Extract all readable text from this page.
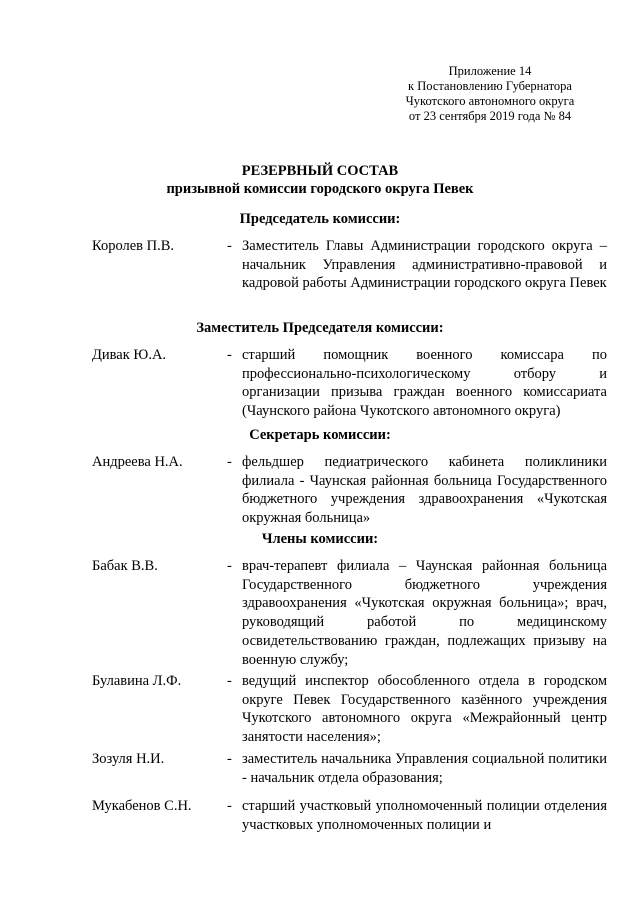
Приложение 14
к Постановлению Губернатора
Чукотского автономного округа
от 23 сентября 2019 года № 84
РЕЗЕРВНЫЙ СОСТАВ
призывной комиссии городского округа Певек
Председатель комиссии:
Королев П.В.	- Заместитель Главы Администрации городского округа – начальник Управления административно-правовой и кадровой работы Администрации городского округа Певек
Заместитель Председателя комиссии:
Дивак Ю.А.	- старший помощник военного комиссара по профессионально-психологическому отбору и организации призыва граждан военного комиссариата (Чаунского района Чукотского автономного округа)
Секретарь комиссии:
Андреева Н.А.	- фельдшер педиатрического кабинета поликлиники филиала - Чаунская районная больница Государственного бюджетного учреждения здравоохранения «Чукотская окружная больница»
Члены комиссии:
Бабак В.В.	- врач-терапевт филиала – Чаунская районная больница Государственного бюджетного учреждения здравоохранения «Чукотская окружная больница»; врач, руководящий работой по медицинскому освидетельствованию граждан, подлежащих призыву на военную службу;
Булавина Л.Ф.	- ведущий инспектор обособленного отдела в городском округе Певек Государственного казённого учреждения Чукотского автономного округа «Межрайонный центр занятости населения»;
Зозуля Н.И.	- заместитель начальника Управления социальной политики - начальник отдела образования;
Мукабенов С.Н.	- старший участковый уполномоченный полиции отделения участковых уполномоченных полиции и
